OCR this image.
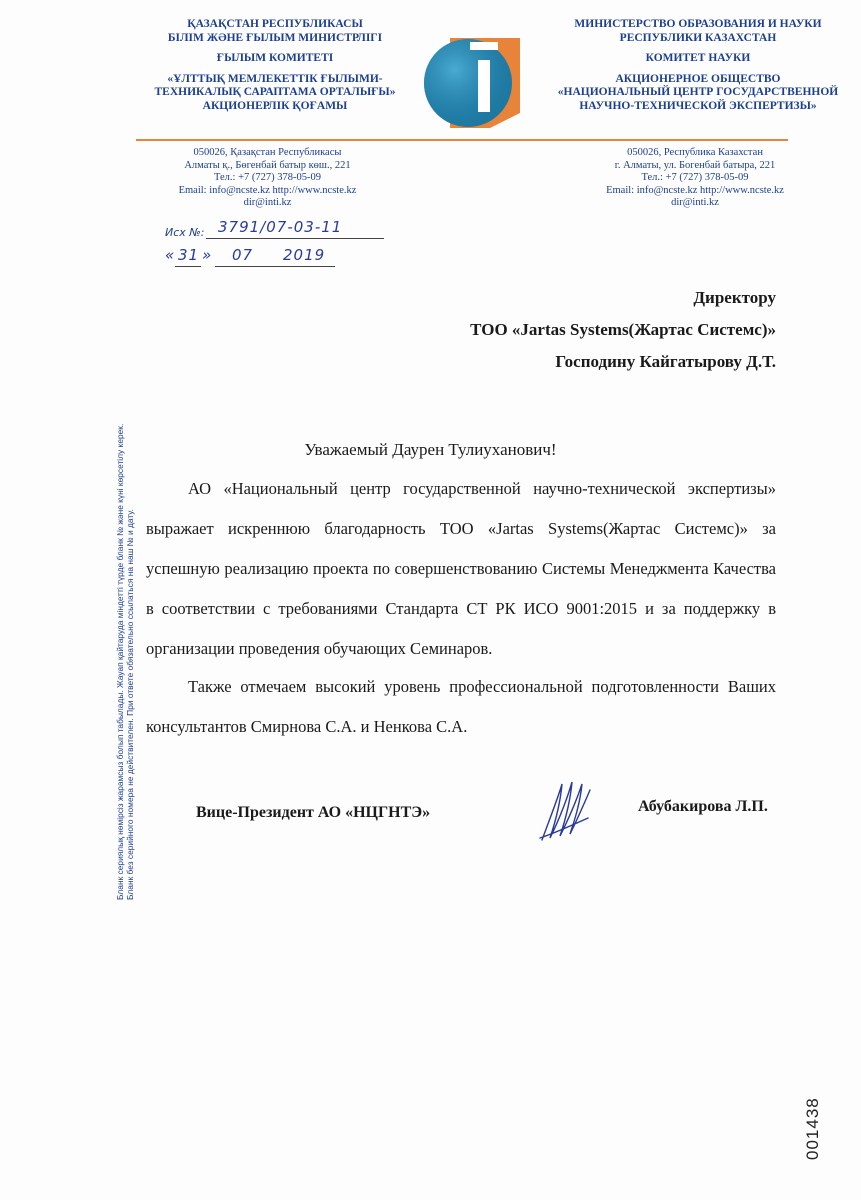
ҚАЗАҚСТАН РЕСПУБЛИКАСЫ
БІЛІМ ЖӘНЕ ҒЫЛЫМ МИНИСТРЛІГІ
ҒЫЛЫМ КОМИТЕТІ
«ҰЛТТЫҚ МЕМЛЕКЕТТІК ҒЫЛЫМИ-
ТЕХНИКАЛЫҚ САРАПТАМА ОРТАЛЫҒЫ»
АКЦИОНЕРЛІК ҚОҒАМЫ
МИНИСТЕРСТВО ОБРАЗОВАНИЯ И НАУКИ
РЕСПУБЛИКИ КАЗАХСТАН
КОМИТЕТ НАУКИ
АКЦИОНЕРНОЕ ОБЩЕСТВО
«НАЦИОНАЛЬНЫЙ ЦЕНТР ГОСУДАРСТВЕННОЙ
НАУЧНО-ТЕХНИЧЕСКОЙ ЭКСПЕРТИЗЫ»
050026, Қазақстан Республикасы
Алматы қ., Бөгенбай батыр көш., 221
Тел.: +7 (727) 378-05-09
Email: info@ncste.kz http://www.ncste.kz
dir@inti.kz
050026, Республика Казахстан
г. Алматы, ул. Богенбай батыра, 221
Тел.: +7 (727) 378-05-09
Email: info@ncste.kz http://www.ncste.kz
dir@inti.kz
Исх №: 3791/07-03-11
« 31 » 07 2019
Директору
ТОО «Jartas Systems(Жартас Системс)»
Господину Кайгатырову Д.Т.
Уважаемый Даурен Тулиуханович!
АО «Национальный центр государственной научно-технической экспертизы» выражает искреннюю благодарность ТОО «Jartas Systems(Жартас Системс)» за успешную реализацию проекта по совершенствованию Системы Менеджмента Качества в соответствии с требованиями Стандарта СТ РК ИСО 9001:2015 и за поддержку в организации проведения обучающих Семинаров.
Также отмечаем высокий уровень профессиональной подготовленности Ваших консультантов Смирнова С.А. и Ненкова С.А.
Вице-Президент АО «НЦГНТЭ»	Абубакирова Л.П.
Бланк сериялық нөмірсіз жарамсыз болып табылады. Жауап қайтаруда міндетті түрде бланк № және күні көрсетілу керек. Бланк без серийного номера не действителен. При ответе обязательно ссылаться на наш № и дату.
001438
